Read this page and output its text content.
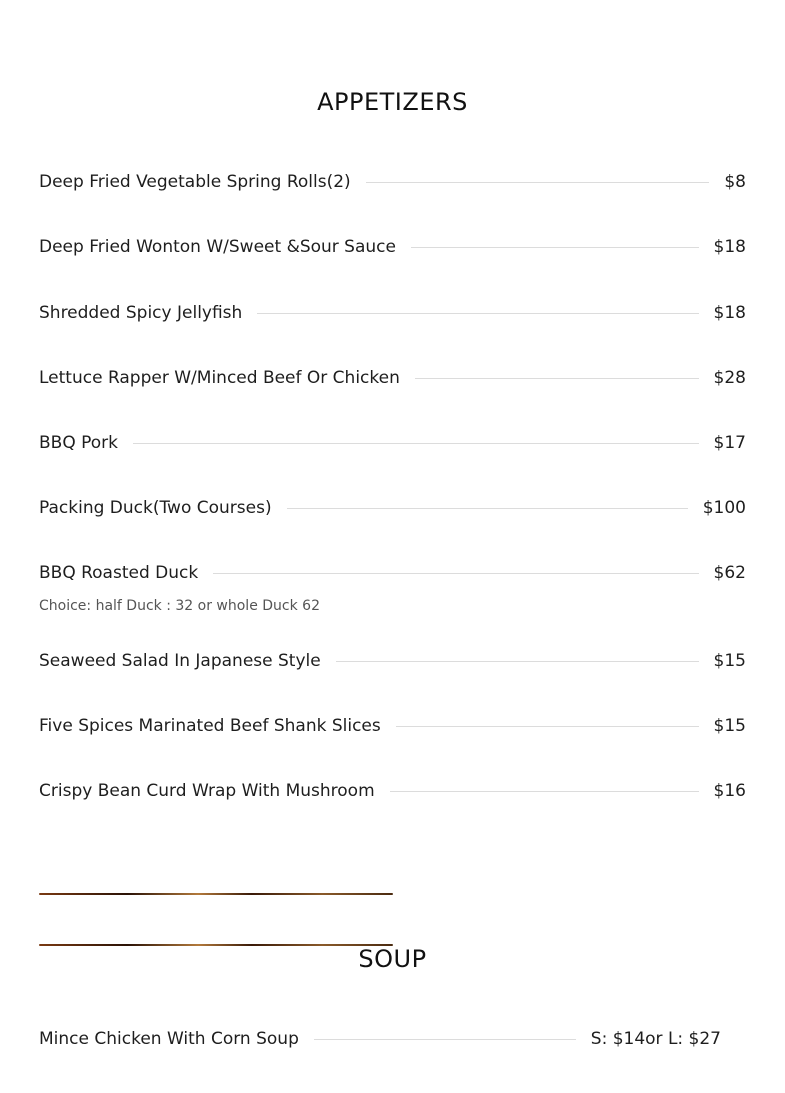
APPETIZERS
Deep Fried Vegetable Spring Rolls(2)	$8
Deep Fried Wonton W/Sweet &Sour Sauce	$18
Shredded Spicy Jellyfish	$18
Lettuce Rapper W/Minced Beef Or Chicken	$28
BBQ Pork	$17
Packing Duck(Two Courses)	$100
BBQ Roasted Duck	$62
Choice: half Duck : 32 or whole Duck 62
Seaweed Salad In Japanese Style	$15
Five Spices Marinated Beef Shank Slices	$15
Crispy Bean Curd Wrap With Mushroom	$16
SOUP
Mince Chicken With Corn Soup	S: $14or L: $27
